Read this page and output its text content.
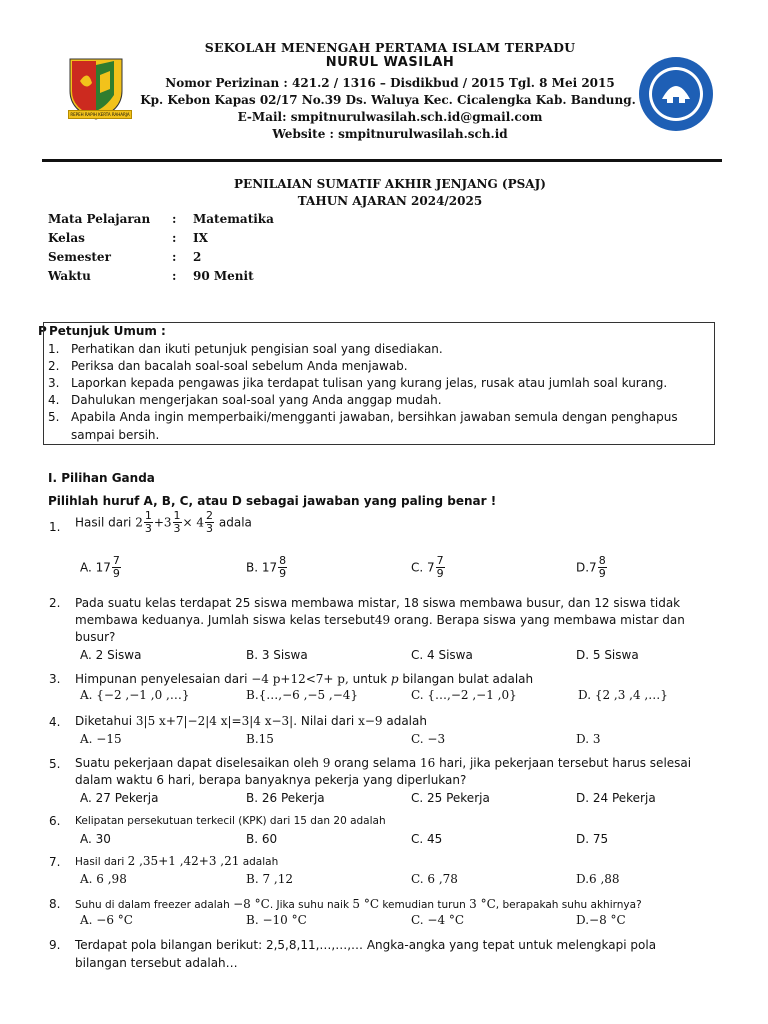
REPEH RAPIH KERTA RAHARJA
SEKOLAH MENENGAH PERTAMA ISLAM TERPADU
NURUL WASILAH
Nomor Perizinan : 421.2 / 1316 – Disdikbud / 2015 Tgl. 8 Mei 2015
Kp. Kebon Kapas 02/17 No.39 Ds. Waluya Kec. Cicalengka Kab. Bandung.
E-Mail: smpitnurulwasilah.sch.id@gmail.com
Website : smpitnurulwasilah.sch.id
PENILAIAN SUMATIF AKHIR JENJANG (PSAJ)
TAHUN AJARAN 2024/2025
Mata Pelajaran : Matematika
Kelas	: IX
Semester	: 2
Waktu	: 90 Menit
P Petunjuk Umum :
1. Perhatikan dan ikuti petunjuk pengisian soal yang disediakan.
2. Periksa dan bacalah soal-soal sebelum Anda menjawab.
3. Laporkan kepada pengawas jika terdapat tulisan yang kurang jelas, rusak atau jumlah soal kurang.
4. Dahulukan mengerjakan soal-soal yang Anda anggap mudah.
5. Apabila Anda ingin memperbaiki/mengganti jawaban, bersihkan jawaban semula dengan penghapus
sampai bersih.
I. Pilihan Ganda
Pilihlah huruf A, B, C, atau D sebagai jawaban yang paling benar !
1. Hasil dari $2 \frac{1}{3} +3 \frac{1}{3} \times 4 \frac{2}{3}$ adala
A. $17 \frac{7}{9}$	B. $17 \frac{8}{9}$	C. $7 \frac{7}{9}$	$D.7 \frac{8}{9}$
2. Pada suatu kelas terdapat 25 siswa membawa mistar, 18 siswa membawa busur, dan 12 siswa tidak
membawa keduanya. Jumlah siswa kelas tersebut49 orang. Berapa siswa yang membawa mistar dan
busur?
A. 2 Siswa	B. 3 Siswa	C. 4 Siswa	D. 5 Siswa
3. Himpunan penyelesaian dari −4 p+12<7+ p, untuk p bilangan bulat adalah
A. {−2 ,−1 ,0 ,…}	B.{…,−6 ,−5 ,−4}	C. {…,−2 ,−1 ,0}	D. {2 ,3 ,4 ,…}
4. Diketahui 3|5 x+7|−2|4 x|=3|4 x−3|. Nilai dari x−9 adalah
A. −15	B.15	C. −3	D. 3
5. Suatu pekerjaan dapat diselesaikan oleh 9 orang selama 16 hari, jika pekerjaan tersebut harus selesai
dalam waktu 6 hari, berapa banyaknya pekerja yang diperlukan?
A. 27 Pekerja	B. 26 Pekerja	C. 25 Pekerja	D. 24 Pekerja
6. Kelipatan persekutuan terkecil (KPK) dari 15 dan 20 adalah
A. 30	B. 60	C. 45	D. 75
7. Hasil dari 2 ,35+1 ,42+3 ,21 adalah
A. 6 ,98	B. 7 ,12	C. 6 ,78	D.6 ,88
8. Suhu di dalam freezer adalah −8 °C. Jika suhu naik 5 °C kemudian turun 3 °C, berapakah suhu akhirnya?
A. −6 °C	B. −10 °C	C. −4 °C	D.−8 °C
9. Terdapat pola bilangan berikut: 2,5,8,11,…,…,… Angka-angka yang tepat untuk melengkapi pola
bilangan tersebut adalah…
